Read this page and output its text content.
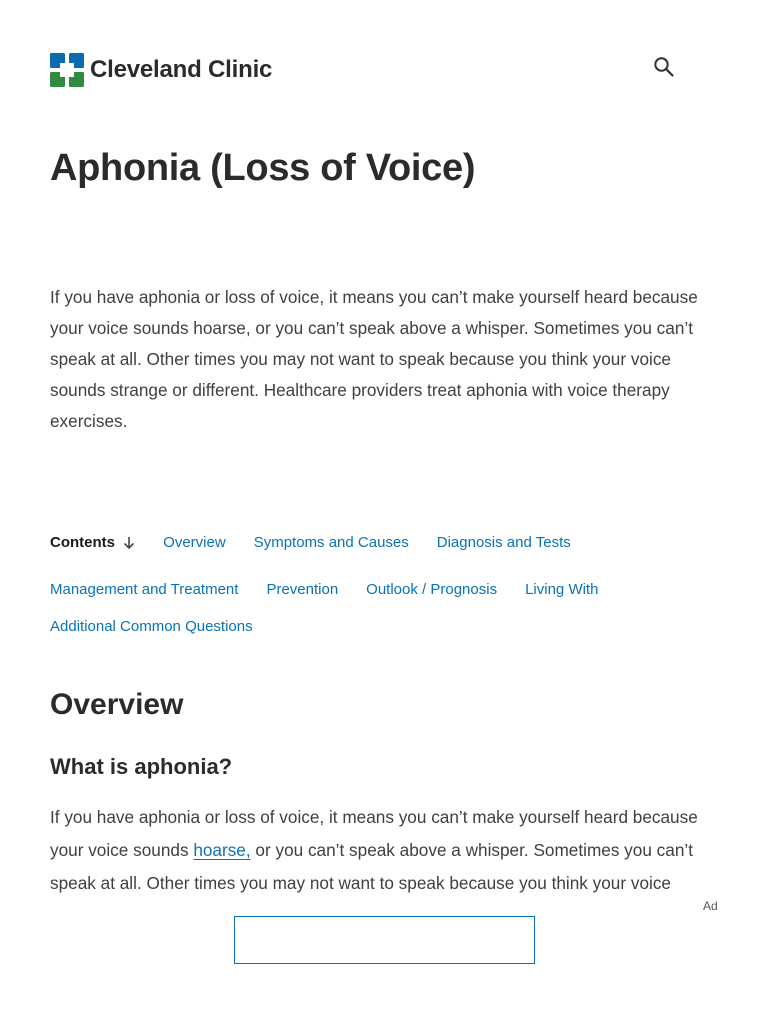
Cleveland Clinic
Aphonia (Loss of Voice)

If you have aphonia or loss of voice, it means you can’t make yourself heard because your voice sounds hoarse, or you can’t speak above a whisper. Sometimes you can’t speak at all. Other times you may not want to speak because you think your voice sounds strange or different. Healthcare providers treat aphonia with voice therapy exercises.

Contents	Overview Symptoms and Causes Diagnosis and Tests
Management and Treatment Prevention Outlook / Prognosis Living With
Additional Common Questions
Overview
What is aphonia?

If you have aphonia or loss of voice, it means you can’t make yourself heard because your voice sounds hoarse, or you can’t speak above a whisper. Sometimes you can’t speak at all. Other times you may not want to speak because you think your voice

Ad
